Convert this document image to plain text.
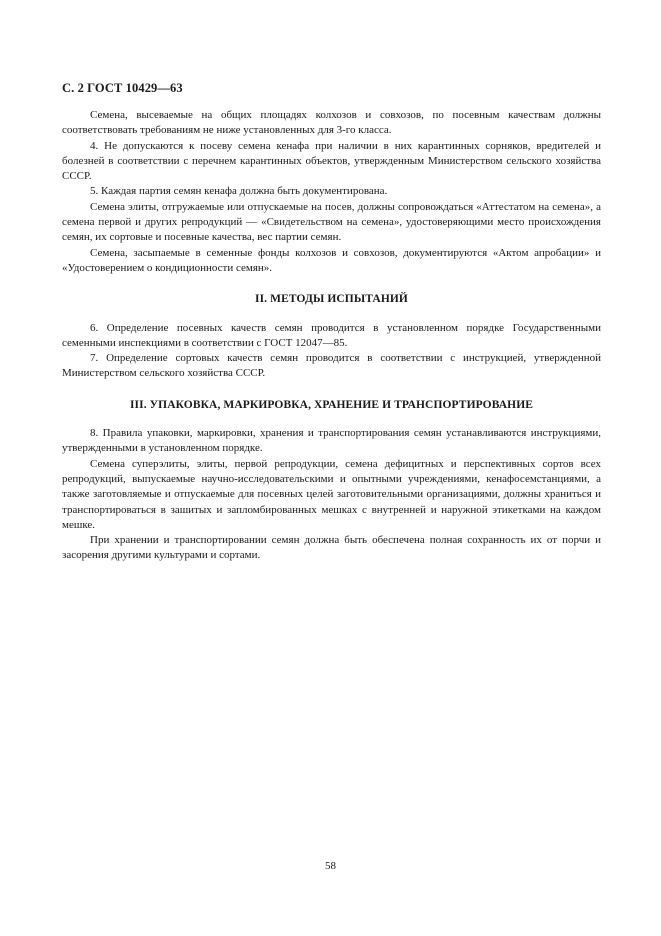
С. 2 ГОСТ 10429—63

Семена, высеваемые на общих площадях колхозов и совхозов, по посевным качествам должны соответствовать требованиям не ниже установленных для 3-го класса.

4. Не допускаются к посеву семена кенафа при наличии в них карантинных сорняков, вредителей и болезней в соответствии с перечнем карантинных объектов, утвержденным Министерством сельского хозяйства СССР.

5. Каждая партия семян кенафа должна быть документирована.

Семена элиты, отгружаемые или отпускаемые на посев, должны сопровождаться «Аттестатом на семена», а семена первой и других репродукций — «Свидетельством на семена», удостоверяющими место происхождения семян, их сортовые и посевные качества, вес партии семян.

Семена, засыпаемые в семенные фонды колхозов и совхозов, документируются «Актом апробации» и «Удостоверением о кондиционности семян».

II. МЕТОДЫ ИСПЫТАНИЙ

6. Определение посевных качеств семян проводится в установленном порядке Государственными семенными инспекциями в соответствии с ГОСТ 12047—85.

7. Определение сортовых качеств семян проводится в соответствии с инструкцией, утвержденной Министерством сельского хозяйства СССР.

III. УПАКОВКА, МАРКИРОВКА, ХРАНЕНИЕ И ТРАНСПОРТИРОВАНИЕ

8. Правила упаковки, маркировки, хранения и транспортирования семян устанавливаются инструкциями, утвержденными в установленном порядке.

Семена суперэлиты, элиты, первой репродукции, семена дефицитных и перспективных сортов всех репродукций, выпускаемые научно-исследовательскими и опытными учреждениями, кенафосемстанциями, а также заготовляемые и отпускаемые для посевных целей заготовительными организациями, должны храниться и транспортироваться в зашитых и запломбированных мешках с внутренней и наружной этикетками на каждом мешке.

При хранении и транспортировании семян должна быть обеспечена полная сохранность их от порчи и засорения другими культурами и сортами.

58
